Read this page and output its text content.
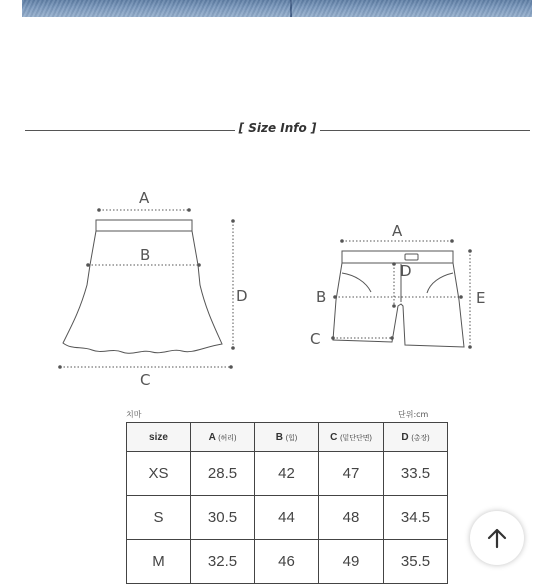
[ Size Info ]
A
B
C
D
A
B
C
D
E
치마	단위:cm
size	A (허리)	B (힙)	C (밑단단면)	D (총장)
XS	28.5	42	47	33.5
S	30.5	44	48	34.5
M	32.5	46	49	35.5
